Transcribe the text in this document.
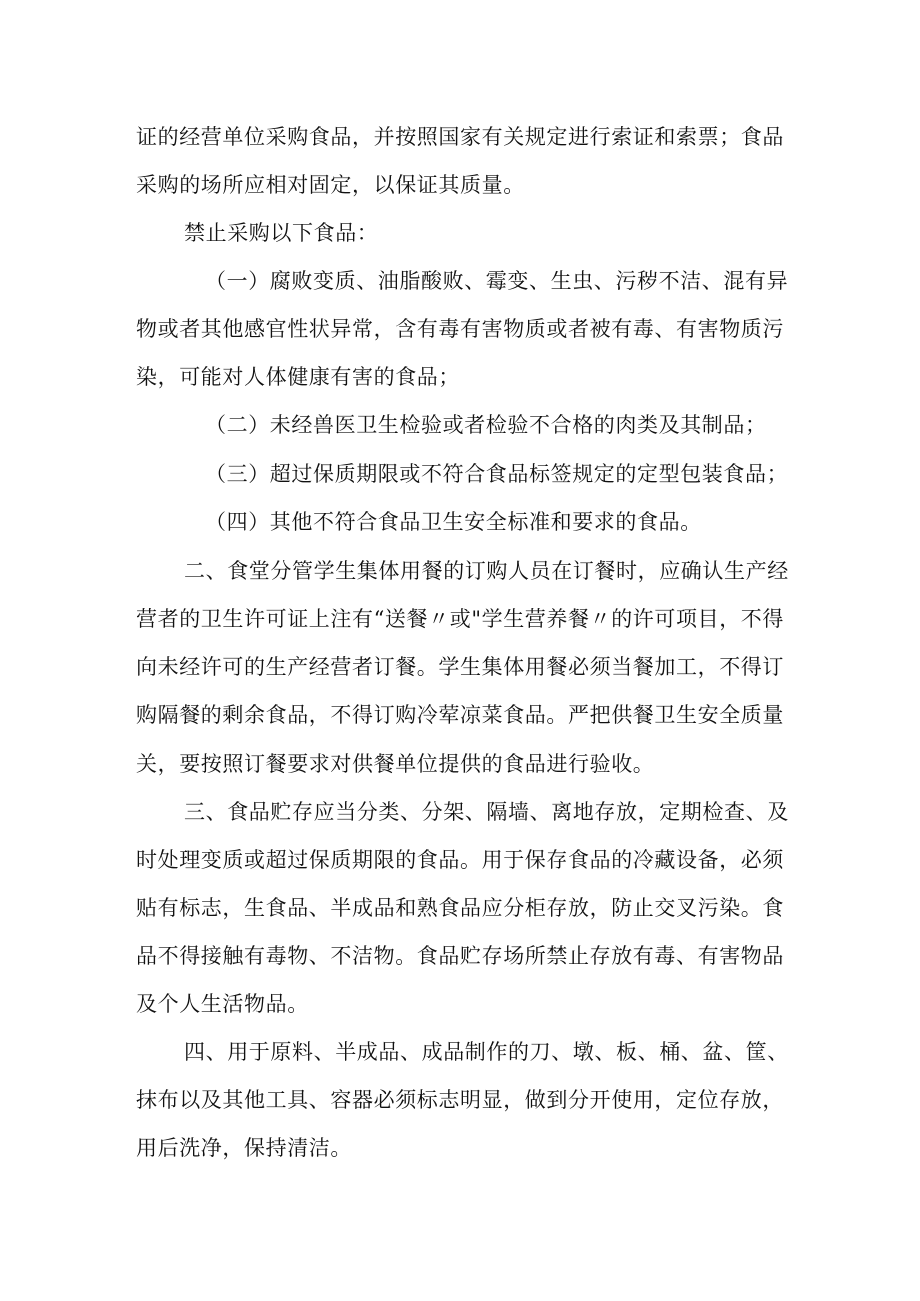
证的经营单位采购食品，并按照国家有关规定进行索证和索票；食品
采购的场所应相对固定，以保证其质量。
禁止采购以下食品：
（一）腐败变质、油脂酸败、霉变、生虫、污秽不洁、混有异
物或者其他感官性状异常，含有毒有害物质或者被有毒、有害物质污
染，可能对人体健康有害的食品；
（二）未经兽医卫生检验或者检验不合格的肉类及其制品；
（三）超过保质期限或不符合食品标签规定的定型包装食品；
（四）其他不符合食品卫生安全标准和要求的食品。
二、食堂分管学生集体用餐的订购人员在订餐时，应确认生产经
营者的卫生许可证上注有“送餐〃或"学生营养餐〃的许可项目，不得
向未经许可的生产经营者订餐。学生集体用餐必须当餐加工，不得订
购隔餐的剩余食品，不得订购冷荤凉菜食品。严把供餐卫生安全质量
关，要按照订餐要求对供餐单位提供的食品进行验收。
三、食品贮存应当分类、分架、隔墙、离地存放，定期检查、及
时处理变质或超过保质期限的食品。用于保存食品的冷藏设备，必须
贴有标志，生食品、半成品和熟食品应分柜存放，防止交叉污染。食
品不得接触有毒物、不洁物。食品贮存场所禁止存放有毒、有害物品
及个人生活物品。
四、用于原料、半成品、成品制作的刀、墩、板、桶、盆、筐、
抹布以及其他工具、容器必须标志明显，做到分开使用，定位存放，
用后洗净，保持清洁。
